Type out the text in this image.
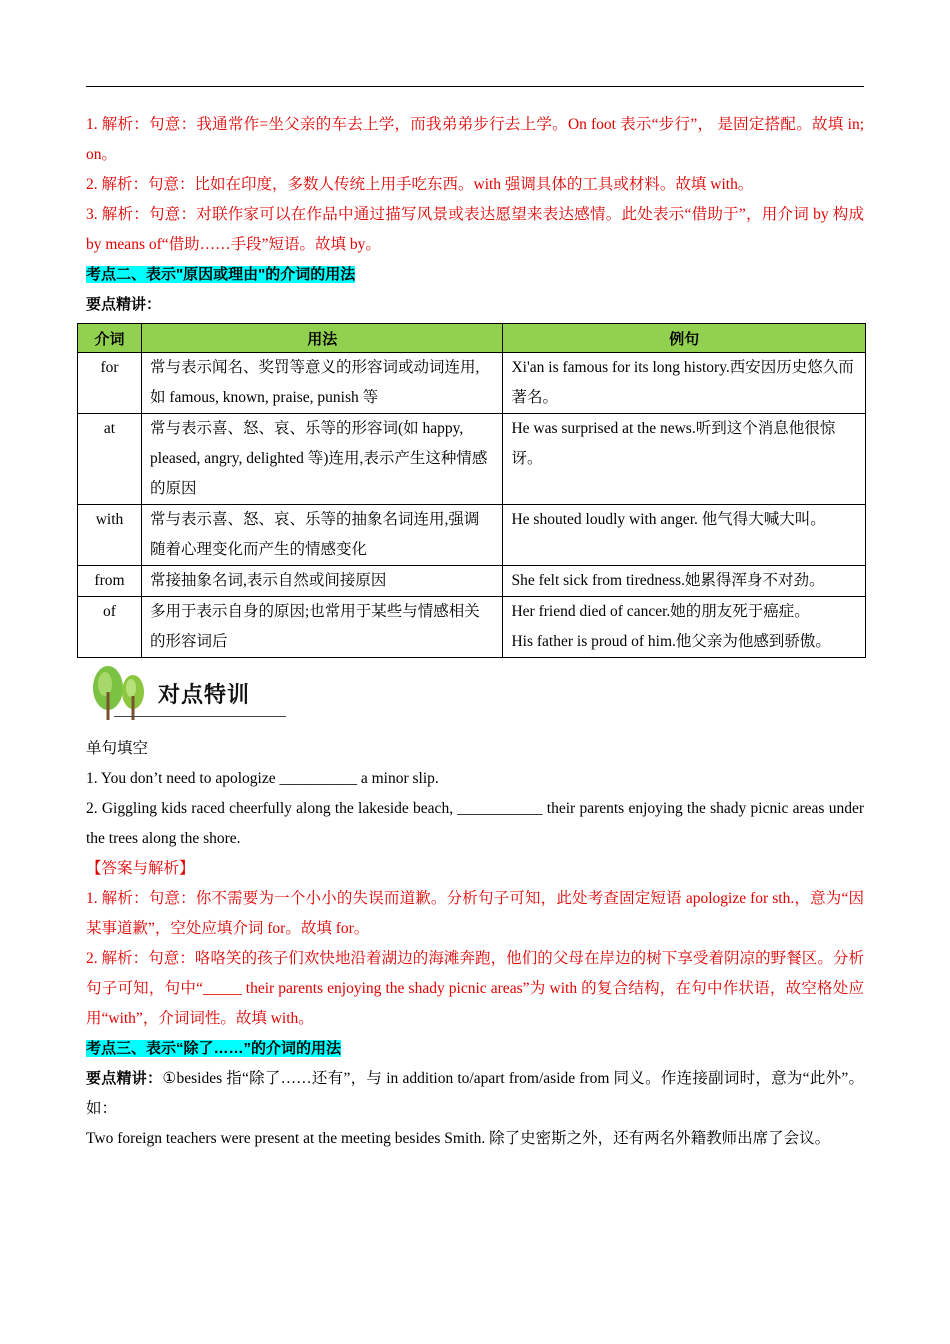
1. 解析：句意：我通常作=坐父亲的车去上学，而我弟弟步行去上学。On foot 表示“步行”， 是固定搭配。故填 in; on。

2. 解析：句意：比如在印度，多数人传统上用手吃东西。with 强调具体的工具或材料。故填 with。

3. 解析：句意：对联作家可以在作品中通过描写风景或表达愿望来表达感情。此处表示“借助于”，用介词 by 构成 by means of“借助……手段”短语。故填 by。

考点二、表示"原因或理由"的介词的用法

要点精讲：

介词	用法	例句
for	常与表示闻名、奖罚等意义的形容词或动词连用,如 famous, known, praise, punish 等	Xi'an is famous for its long history.西安因历史悠久而著名。
at	常与表示喜、怒、哀、乐等的形容词(如 happy, pleased, angry, delighted 等)连用,表示产生这种情感的原因	He was surprised at the news.听到这个消息他很惊讶。
with	常与表示喜、怒、哀、乐等的抽象名词连用,强调随着心理变化而产生的情感变化	He shouted loudly with anger. 他气得大喊大叫。
from	常接抽象名词,表示自然或间接原因	She felt sick from tiredness.她累得浑身不对劲。
of	多用于表示自身的原因;也常用于某些与情感相关的形容词后	Her friend died of cancer.她的朋友死于癌症。
His father is proud of him.他父亲为他感到骄傲。
对点特训

单句填空

1. You don’t need to apologize __________ a minor slip.

2. Giggling kids raced cheerfully along the lakeside beach, ___________ their parents enjoying the shady picnic areas under the trees along the shore.

【答案与解析】

1. 解析：句意：你不需要为一个小小的失误而道歉。分析句子可知，此处考查固定短语 apologize for sth.，意为“因某事道歉”，空处应填介词 for。故填 for。

2. 解析：句意：咯咯笑的孩子们欢快地沿着湖边的海滩奔跑，他们的父母在岸边的树下享受着阴凉的野餐区。分析句子可知，句中“_____ their parents enjoying the shady picnic areas”为 with 的复合结构，在句中作状语，故空格处应用“with”，介词词性。故填 with。

考点三、表示“除了……”的介词的用法

要点精讲：①besides 指“除了……还有”，与 in addition to/apart from/aside from 同义。作连接副词时，意为“此外”。如：

Two foreign teachers were present at the meeting besides Smith. 除了史密斯之外，还有两名外籍教师出席了会议。
